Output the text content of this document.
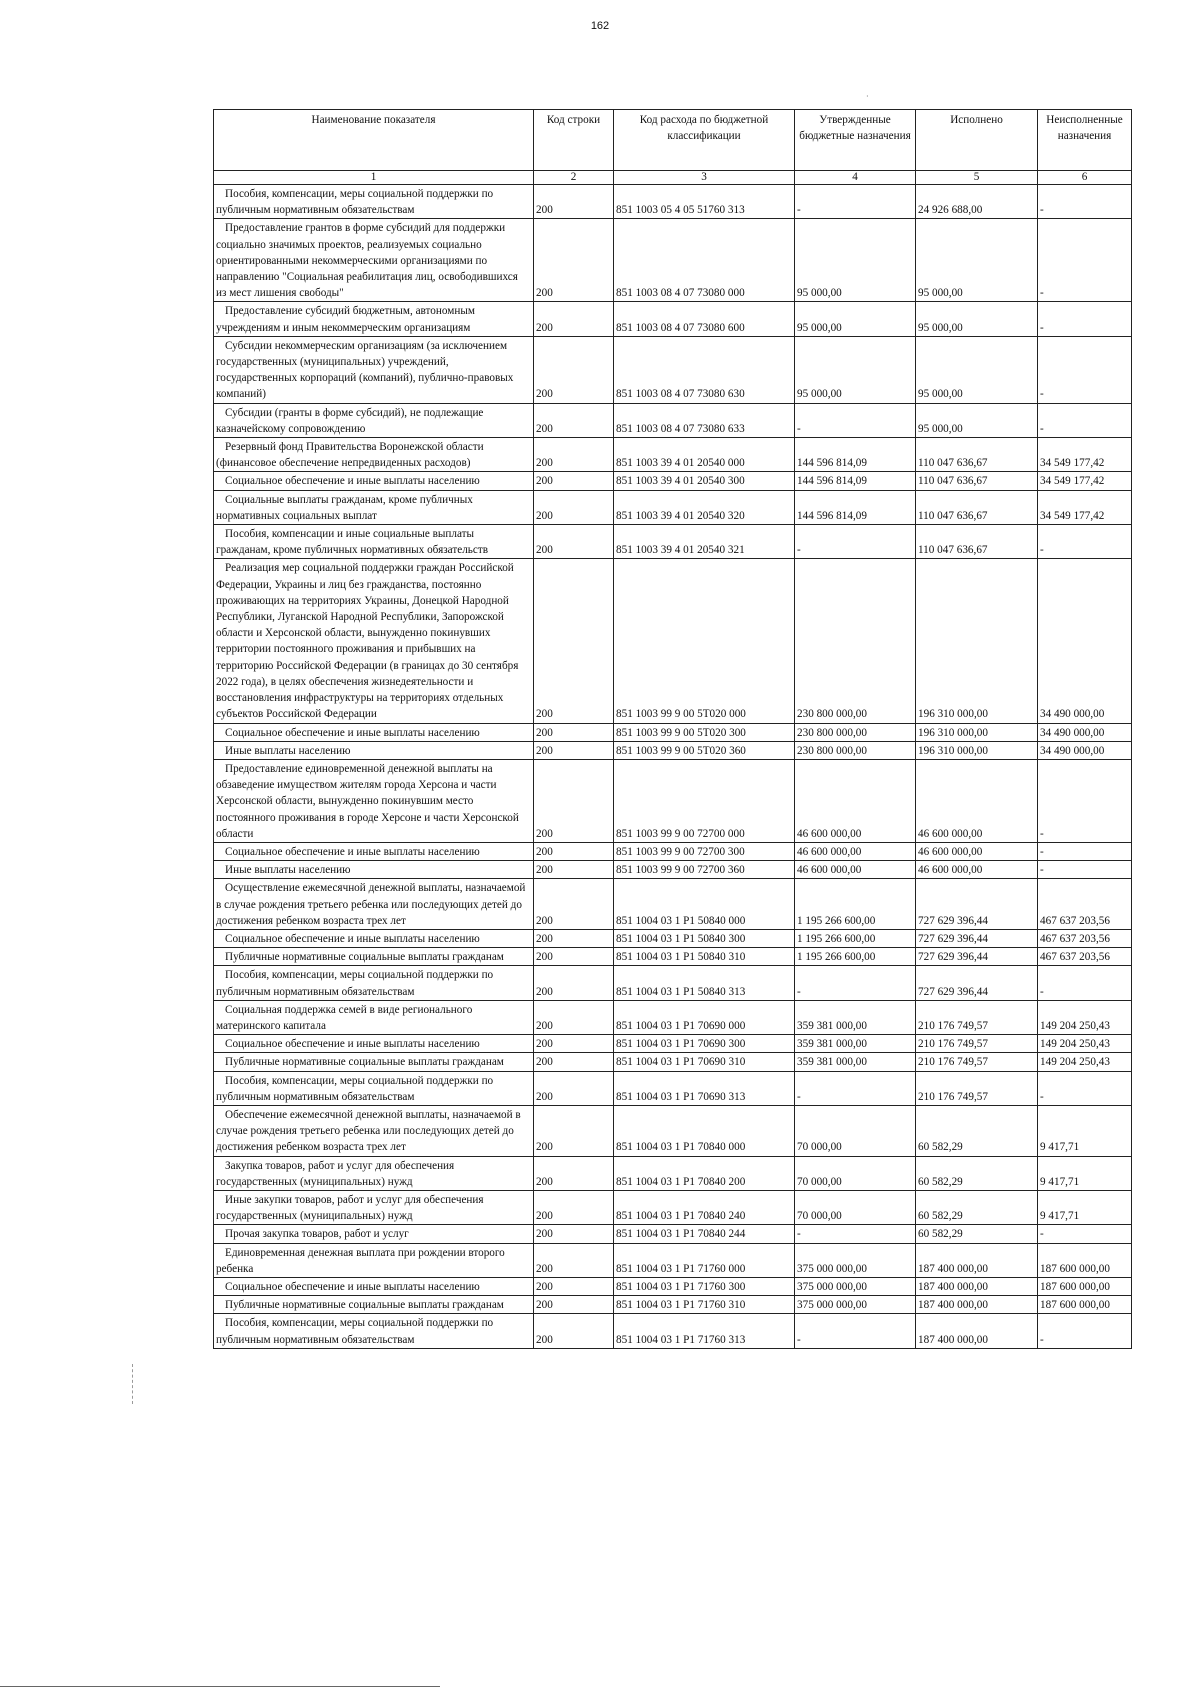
162
·
Наименование показателя	Код строки	Код расхода по бюджетной классификации	Утвержденные бюджетные назначения	Исполнено	Неисполненные назначения
1	2	3	4	5	6
Пособия, компенсации, меры социальной поддержки по публичным нормативным обязательствам	200	851 1003 05 4 05 51760 313	-	24 926 688,00	-
Предоставление грантов в форме субсидий для поддержки социально значимых проектов, реализуемых социально ориентированными некоммерческими организациями по направлению "Социальная реабилитация лиц, освободившихся из мест лишения свободы"	200	851 1003 08 4 07 73080 000	95 000,00	95 000,00	-
Предоставление субсидий бюджетным, автономным учреждениям и иным некоммерческим организациям	200	851 1003 08 4 07 73080 600	95 000,00	95 000,00	-
Субсидии некоммерческим организациям (за исключением государственных (муниципальных) учреждений, государственных корпораций (компаний), публично-правовых компаний)	200	851 1003 08 4 07 73080 630	95 000,00	95 000,00	-
Субсидии (гранты в форме субсидий), не подлежащие казначейскому сопровождению	200	851 1003 08 4 07 73080 633	-	95 000,00	-
Резервный фонд Правительства Воронежской области (финансовое обеспечение непредвиденных расходов)	200	851 1003 39 4 01 20540 000	144 596 814,09	110 047 636,67	34 549 177,42
Социальное обеспечение и иные выплаты населению	200	851 1003 39 4 01 20540 300	144 596 814,09	110 047 636,67	34 549 177,42
Социальные выплаты гражданам, кроме публичных нормативных социальных выплат	200	851 1003 39 4 01 20540 320	144 596 814,09	110 047 636,67	34 549 177,42
Пособия, компенсации и иные социальные выплаты гражданам, кроме публичных нормативных обязательств	200	851 1003 39 4 01 20540 321	-	110 047 636,67	-
Реализация мер социальной поддержки граждан Российской Федерации, Украины и лиц без гражданства, постоянно проживающих на территориях Украины, Донецкой Народной Республики, Луганской Народной Республики, Запорожской области и Херсонской области, вынужденно покинувших территории постоянного проживания и прибывших на территорию Российской Федерации (в границах до 30 сентября 2022 года), в целях обеспечения жизнедеятельности и восстановления инфраструктуры на территориях отдельных субъектов Российской Федерации	200	851 1003 99 9 00 5Т020 000	230 800 000,00	196 310 000,00	34 490 000,00
Социальное обеспечение и иные выплаты населению	200	851 1003 99 9 00 5Т020 300	230 800 000,00	196 310 000,00	34 490 000,00
Иные выплаты населению	200	851 1003 99 9 00 5Т020 360	230 800 000,00	196 310 000,00	34 490 000,00
Предоставление единовременной денежной выплаты на обзаведение имуществом жителям города Херсона и части Херсонской области, вынужденно покинувшим место постоянного проживания в городе Херсоне и части Херсонской области	200	851 1003 99 9 00 72700 000	46 600 000,00	46 600 000,00	-
Социальное обеспечение и иные выплаты населению	200	851 1003 99 9 00 72700 300	46 600 000,00	46 600 000,00	-
Иные выплаты населению	200	851 1003 99 9 00 72700 360	46 600 000,00	46 600 000,00	-
Осуществление ежемесячной денежной выплаты, назначаемой в случае рождения третьего ребенка или последующих детей до достижения ребенком возраста трех лет	200	851 1004 03 1 Р1 50840 000	1 195 266 600,00	727 629 396,44	467 637 203,56
Социальное обеспечение и иные выплаты населению	200	851 1004 03 1 Р1 50840 300	1 195 266 600,00	727 629 396,44	467 637 203,56
Публичные нормативные социальные выплаты гражданам	200	851 1004 03 1 Р1 50840 310	1 195 266 600,00	727 629 396,44	467 637 203,56
Пособия, компенсации, меры социальной поддержки по публичным нормативным обязательствам	200	851 1004 03 1 Р1 50840 313	-	727 629 396,44	-
Социальная поддержка семей в виде регионального материнского капитала	200	851 1004 03 1 Р1 70690 000	359 381 000,00	210 176 749,57	149 204 250,43
Социальное обеспечение и иные выплаты населению	200	851 1004 03 1 Р1 70690 300	359 381 000,00	210 176 749,57	149 204 250,43
Публичные нормативные социальные выплаты гражданам	200	851 1004 03 1 Р1 70690 310	359 381 000,00	210 176 749,57	149 204 250,43
Пособия, компенсации, меры социальной поддержки по публичным нормативным обязательствам	200	851 1004 03 1 Р1 70690 313	-	210 176 749,57	-
Обеспечение ежемесячной денежной выплаты, назначаемой в случае рождения третьего ребенка или последующих детей до достижения ребенком возраста трех лет	200	851 1004 03 1 Р1 70840 000	70 000,00	60 582,29	9 417,71
Закупка товаров, работ и услуг для обеспечения государственных (муниципальных) нужд	200	851 1004 03 1 Р1 70840 200	70 000,00	60 582,29	9 417,71
Иные закупки товаров, работ и услуг для обеспечения государственных (муниципальных) нужд	200	851 1004 03 1 Р1 70840 240	70 000,00	60 582,29	9 417,71
Прочая закупка товаров, работ и услуг	200	851 1004 03 1 Р1 70840 244	-	60 582,29	-
Единовременная денежная выплата при рождении второго ребенка	200	851 1004 03 1 Р1 71760 000	375 000 000,00	187 400 000,00	187 600 000,00
Социальное обеспечение и иные выплаты населению	200	851 1004 03 1 Р1 71760 300	375 000 000,00	187 400 000,00	187 600 000,00
Публичные нормативные социальные выплаты гражданам	200	851 1004 03 1 Р1 71760 310	375 000 000,00	187 400 000,00	187 600 000,00
Пособия, компенсации, меры социальной поддержки по публичным нормативным обязательствам	200	851 1004 03 1 Р1 71760 313	-	187 400 000,00	-
